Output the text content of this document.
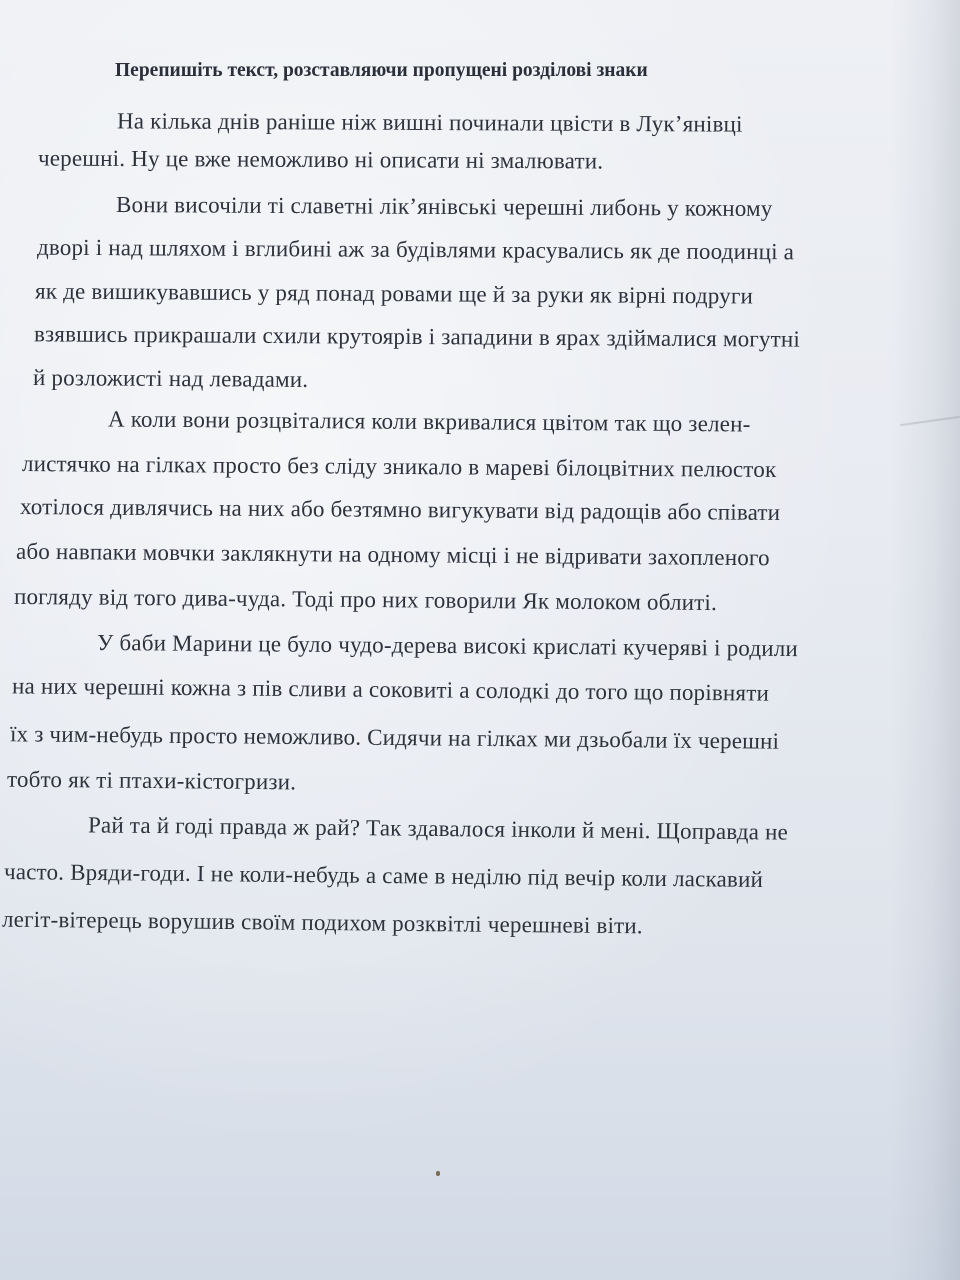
Перепишіть текст, розставляючи пропущені розділові знаки
На кілька днів раніше ніж вишні починали цвісти в Лук’янівці
черешні. Ну це вже неможливо ні описати ні змалювати.
Вони височіли ті славетні лік’янівські черешні либонь у кожному
дворі і над шляхом і вглибині аж за будівлями красувались як де поодинці а
як де вишикувавшись у ряд понад ровами ще й за руки як вірні подруги
взявшись прикрашали схили крутоярів і западини в ярах здіймалися могутні
й розложисті над левадами.
А коли вони розцвіталися коли вкривалися цвітом так що зелен-
листячко на гілках просто без сліду зникало в мареві білоцвітних пелюсток
хотілося дивлячись на них або безтямно вигукувати від радощів або співати
або навпаки мовчки заклякнути на одному місці і не відривати захопленого
погляду від того дива-чуда. Тоді про них говорили Як молоком облиті.
У баби Марини це було чудо-дерева високі крислаті кучеряві і родили
на них черешні кожна з пів сливи а соковиті а солодкі до того що порівняти
їх з чим-небудь просто неможливо. Сидячи на гілках ми дзьобали їх черешні
тобто як ті птахи-кістогризи.
Рай та й годі правда ж рай? Так здавалося інколи й мені. Щоправда не
часто. Вряди-годи. І не коли-небудь а саме в неділю під вечір коли ласкавий
легіт-вітерець ворушив своїм подихом розквітлі черешневі віти.
